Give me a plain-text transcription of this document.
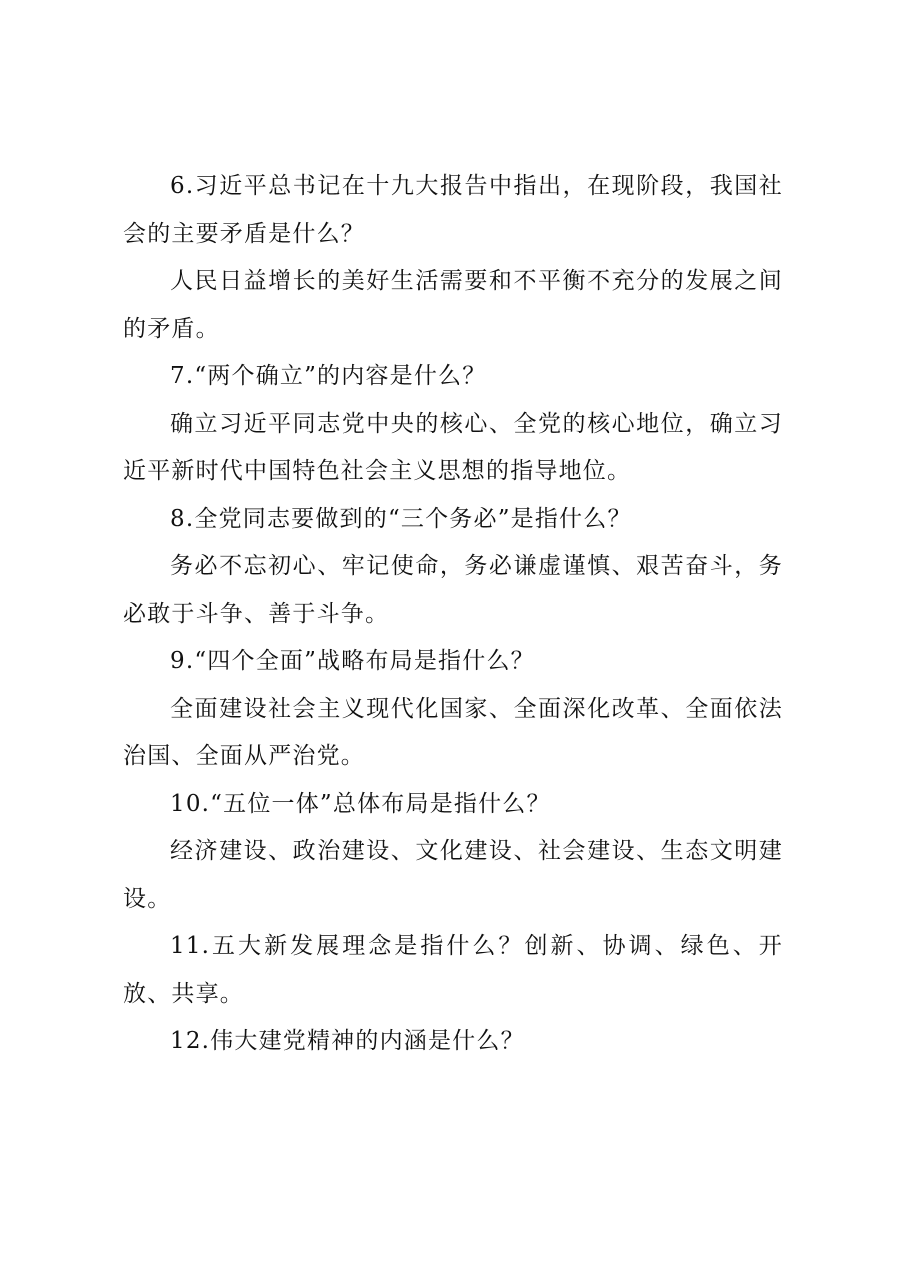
6.习近平总书记在十九大报告中指出，在现阶段，我国社会的主要矛盾是什么？

人民日益增长的美好生活需要和不平衡不充分的发展之间的矛盾。

7.“两个确立”的内容是什么？

确立习近平同志党中央的核心、全党的核心地位，确立习近平新时代中国特色社会主义思想的指导地位。

8.全党同志要做到的“三个务必”是指什么？

务必不忘初心、牢记使命，务必谦虚谨慎、艰苦奋斗，务必敢于斗争、善于斗争。

9.“四个全面”战略布局是指什么？

全面建设社会主义现代化国家、全面深化改革、全面依法治国、全面从严治党。

10.“五位一体”总体布局是指什么？

经济建设、政治建设、文化建设、社会建设、生态文明建设。

11.五大新发展理念是指什么？创新、协调、绿色、开放、共享。

12.伟大建党精神的内涵是什么？
